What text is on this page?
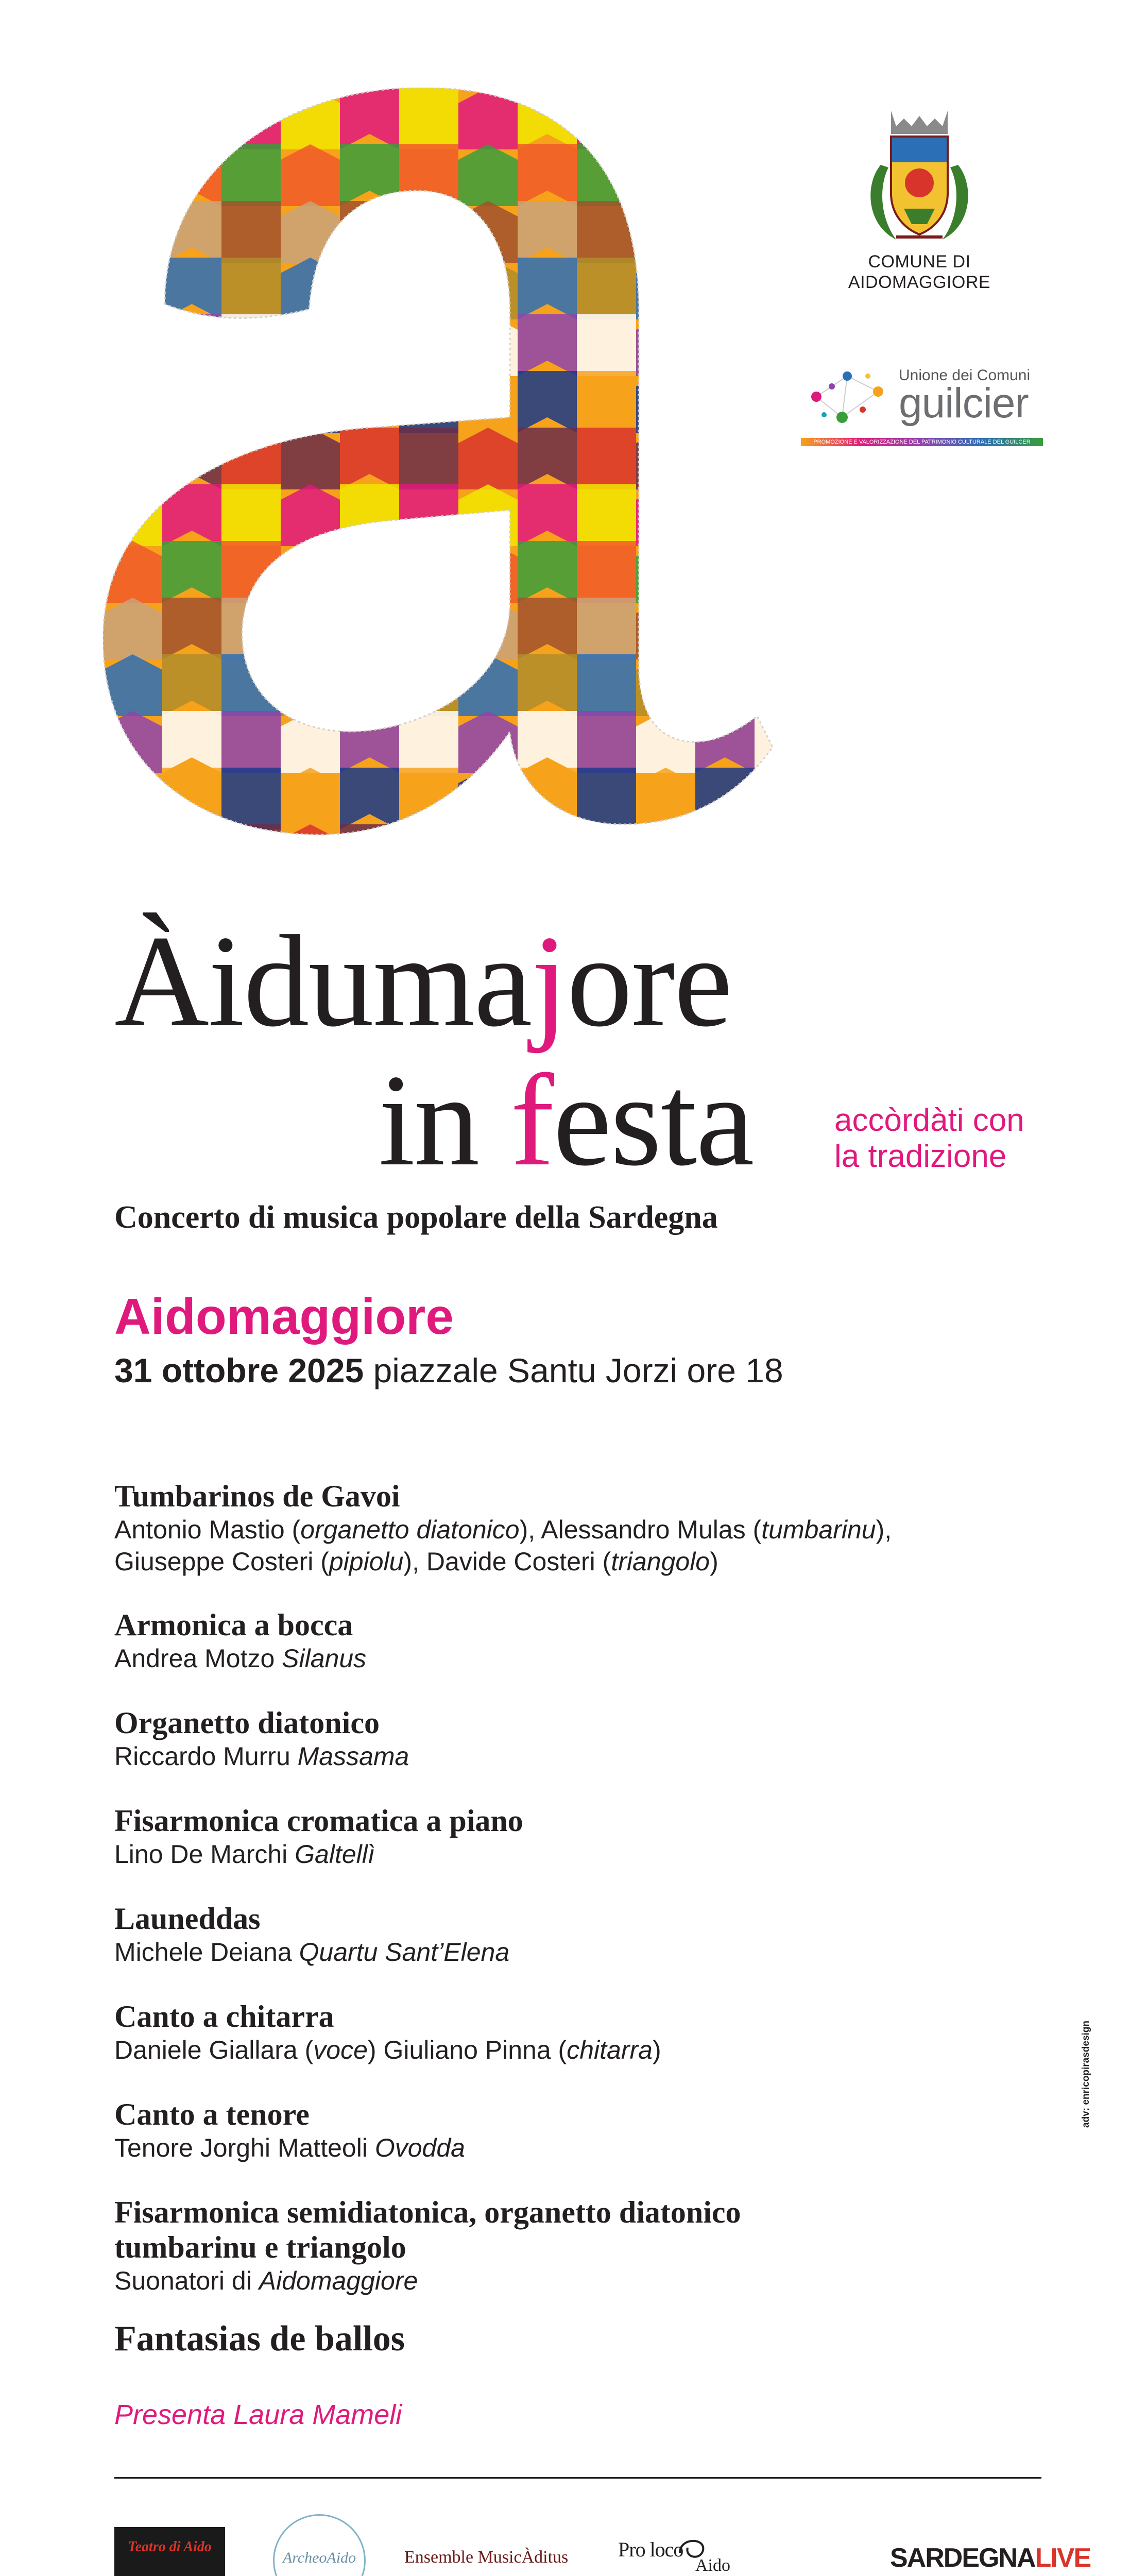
COMUNE DI
AIDOMAGGIORE
Unione dei Comuni
guilcier
PROMOZIONE E VALORIZZAZIONE DEL PATRIMONIO CULTURALE DEL GUILCER
Àidumajore
in festa	accòrdàti con
la tradizione
Concerto di musica popolare della Sardegna
Aidomaggiore
31 ottobre 2025 piazzale Santu Jorzi ore 18
Tumbarinos de Gavoi
Antonio Mastio (organetto diatonico), Alessandro Mulas (tumbarinu),
Giuseppe Costeri (pipiolu), Davide Costeri (triangolo)
Armonica a bocca
Andrea Motzo Silanus
Organetto diatonico
Riccardo Murru Massama
Fisarmonica cromatica a piano
Lino De Marchi Galtellì
Launeddas
Michele Deiana Quartu Sant’Elena
Canto a chitarra
Daniele Giallara (voce) Giuliano Pinna (chitarra)
Canto a tenore
Tenore Jorghi Matteoli Ovodda
Fisarmonica semidiatonica, organetto diatonico
tumbarinu e triangolo
Suonatori di Aidomaggiore
Fantasias de ballos
Presenta Laura Mameli
adv: enricopirasdesign
Teatro di Aido
ArcheoAido	Ensemble MusicÀditus Pro loco
Aido	SARDEGNALIVE
